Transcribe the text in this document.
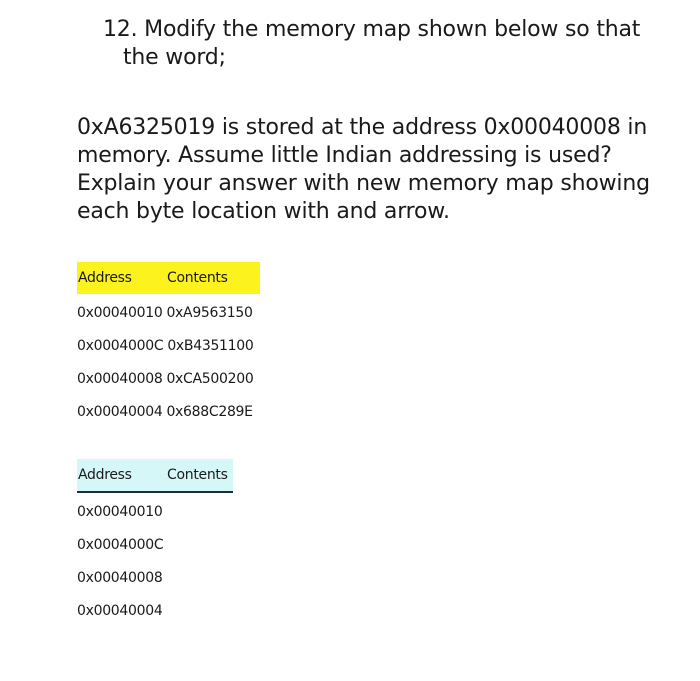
12. Modify the memory map shown below so that
the word;
0xA6325019 is stored at the address 0x00040008 in
memory. Assume little Indian addressing is used?
Explain your answer with new memory map showing
each byte location with and arrow.
Address	Contents
0x00040010 0xA9563150
0x0004000C 0xB4351100
0x00040008 0xCA500200
0x00040004 0x688C289E
Address	Contents
0x00040010
0x0004000C
0x00040008
0x00040004
